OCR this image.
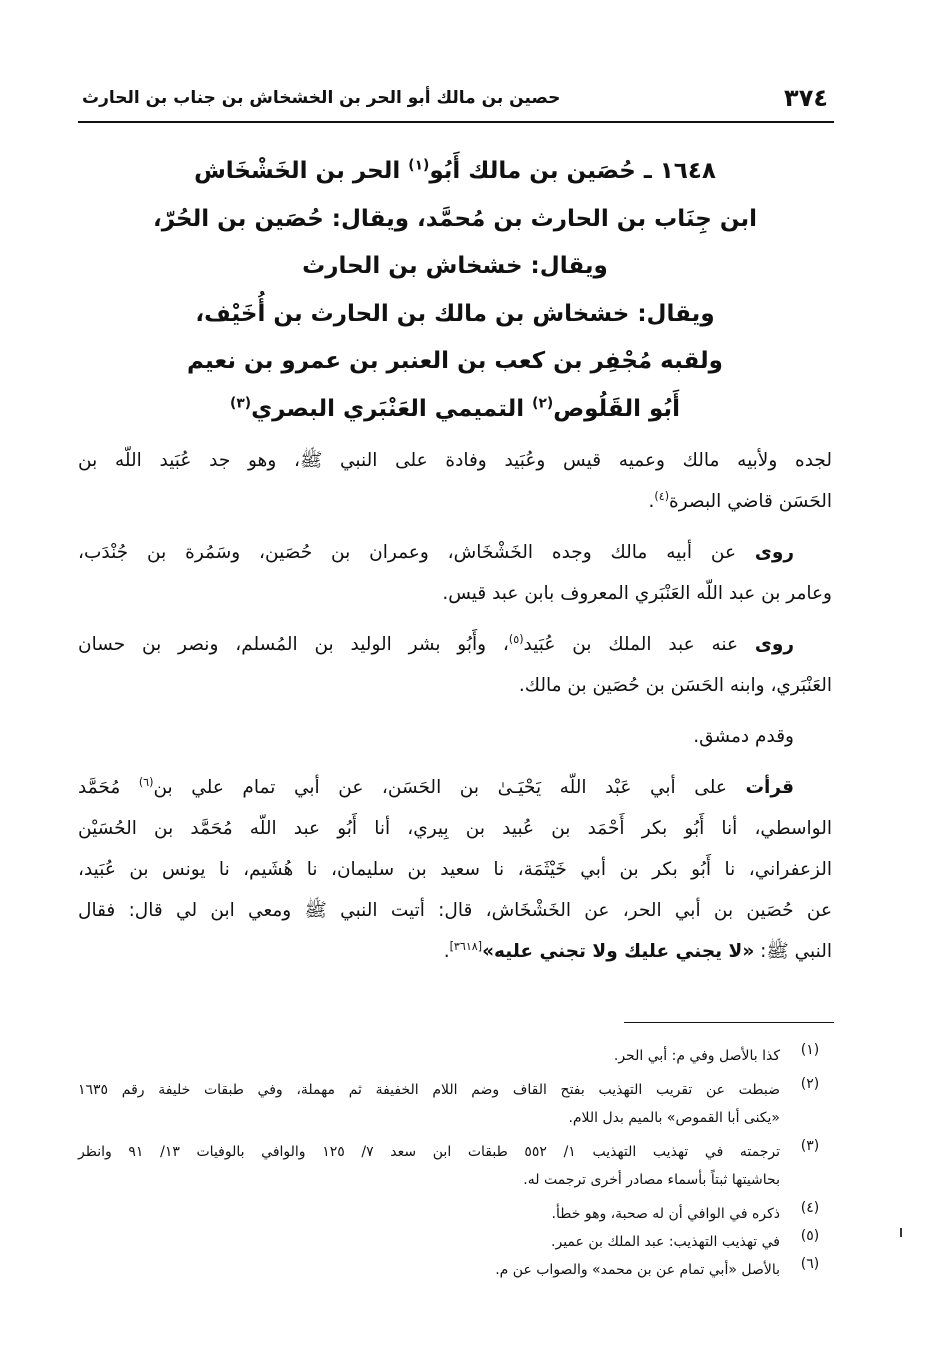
٣٧٤
حصين بن مالك أبو الحر بن الخشخاش بن جناب بن الحارث
١٦٤٨ ـ حُصَين بن مالك أَبُو$^{(١)}$ الحر بن الخَشْخَاش
ابن جِنَاب بن الحارث بن مُحمَّد، ويقال: حُصَين بن الحُرّ،
ويقال: خشخاش بن الحارث
ويقال: خشخاش بن مالك بن الحارث بن أُخَيْف،
ولقبه مُجْفِر بن كعب بن العنبر بن عمرو بن نعيم
أَبُو القَلُوص$^{(٢)}$ التميمي العَنْبَري البصري$^{(٣)}$
لجده ولأبيه مالك وعميه قيس وعُبَيد وفادة على النبي ﷺ، وهو جد عُبَيد اللّه بن
الحَسَن قاضي البصرة$^{(٤)}$.
روى عن أبيه مالك وجده الخَشْخَاش، وعمران بن حُصَين، وسَمُرة بن جُنْدَب،
وعامر بن عبد اللّه العَنْبَري المعروف بابن عبد قيس.
روى عنه عبد الملك بن عُبَيد$^{(٥)}$، وأَبُو بشر الوليد بن المُسلم، ونصر بن حسان
العَنْبَري، وابنه الحَسَن بن حُصَين بن مالك.
وقدم دمشق.
قرأت على أبي عَبْد اللّه يَحْيَـىٰ بن الحَسَن، عن أبي تمام علي بن$^{(٦)}$ مُحَمَّد
الواسطي، أنا أَبُو بكر أَحْمَد بن عُبيد بن بِيري، أنا أَبُو عبد اللّه مُحَمَّد بن الحُسَيْن
الزعفراني، نا أَبُو بكر بن أبي خَيْثَمَة، نا سعيد بن سليمان، نا هُشَيم، نا يونس بن عُبَيد،
عن حُصَين بن أبي الحر، عن الخَشْخَاش، قال: أتيت النبي ﷺ ومعي ابن لي قال: فقال
النبي ﷺ: «لا يجني عليك ولا تجني عليه»[٣٦١٨].
(١)
كذا بالأصل وفي م: أبي الحر.
(٢)
ضبطت عن تقريب التهذيب بفتح القاف وضم اللام الخفيفة ثم مهملة، وفي طبقات خليفة رقم ١٦٣٥
«يكنى أبا القموص» بالميم بدل اللام.
(٣)
ترجمته في تهذيب التهذيب ١/ ٥٥٢ طبقات ابن سعد ٧/ ١٢٥ والوافي بالوفيات ١٣/ ٩١ وانظر
بحاشيتها ثبتاً بأسماء مصادر أخرى ترجمت له.
(٤)
ذكره في الوافي أن له صحبة، وهو خطأ.
(٥)
في تهذيب التهذيب: عبد الملك بن عمير.
(٦)
بالأصل «أبي تمام عن بن محمد» والصواب عن م.
